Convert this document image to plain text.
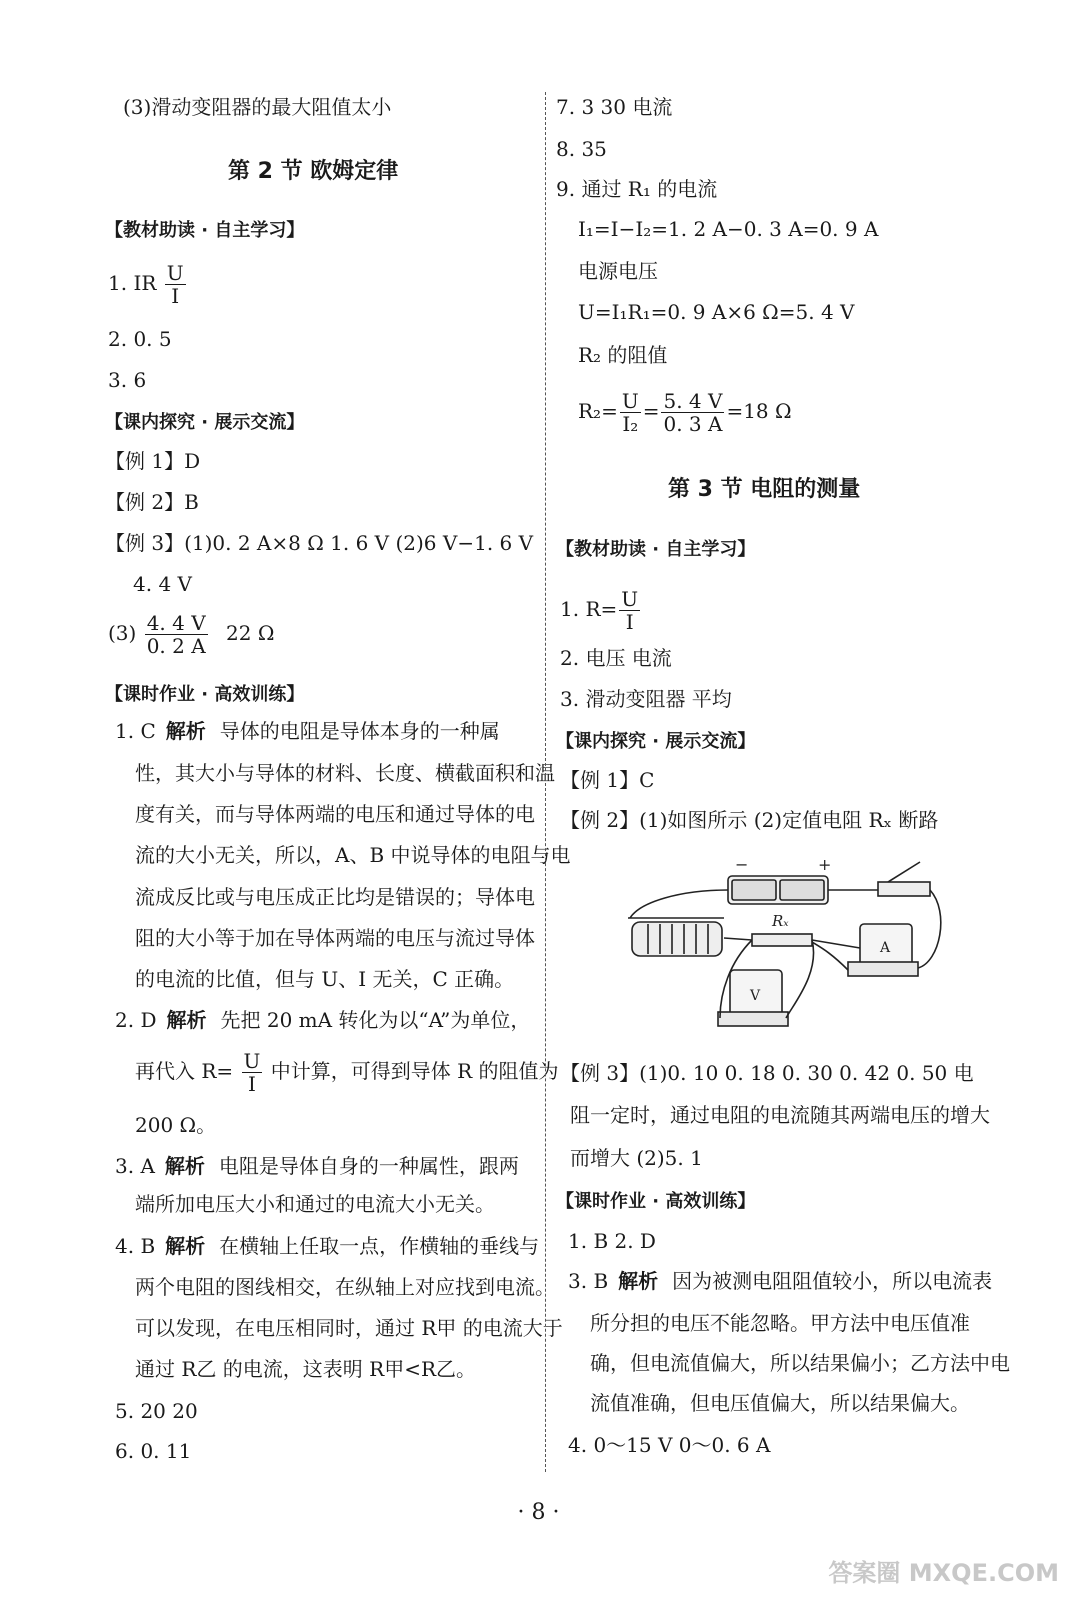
(3)滑动变阻器的最大阻值太小
第 2 节 欧姆定律
【教材助读 · 自主学习】
1. IR $\frac{U}{I}$
2. 0. 5
3. 6
【课内探究 · 展示交流】
【例 1】D
【例 2】B
【例 3】(1)0. 2 A×8 Ω 1. 6 V (2)6 V−1. 6 V
4. 4 V
$(3) \frac{4. 4 V}{0. 2 A} 22$ Ω
【课时作业 · 高效训练】
1. C 解析 导体的电阻是导体本身的一种属
性，其大小与导体的材料、长度、横截面积和温
度有关，而与导体两端的电压和通过导体的电
流的大小无关，所以，A、B 中说导体的电阻与电
流成反比或与电压成正比均是错误的；导体电
阻的大小等于加在导体两端的电压与流过导体
的电流的比值，但与 U、I 无关，C 正确。
2. D 解析 先把 20 mA 转化为以“A”为单位，
再代入 $R= \frac{U}{I}$ 中计算，可得到导体 R 的阻值为
200 Ω。
3. A 解析 电阻是导体自身的一种属性，跟两
端所加电压大小和通过的电流大小无关。
4. B 解析 在横轴上任取一点，作横轴的垂线与
两个电阻的图线相交，在纵轴上对应找到电流。
可以发现，在电压相同时，通过 R甲 的电流大于
通过 R乙 的电流，这表明 R甲<R乙。
5. 20 20
6. 0. 11
7. 3 30 电流
8. 35
9. 通过 R₁ 的电流
I₁=I−I₂=1. 2 A−0. 3 A=0. 9 A
电源电压
U=I₁R₁=0. 9 A×6 Ω=5. 4 V
R₂ 的阻值
$R_2= \frac{U}{\text{I₂}} = \frac{5. 4 V}{0. 3 A} =18$ Ω
第 3 节 电阻的测量
【教材助读 · 自主学习】
1. $R= \frac{U}{I}$
2. 电压 电流
3. 滑动变阻器 平均
【课内探究 · 展示交流】
【例 1】C
【例 2】(1)如图所示 (2)定值电阻 Rₓ 断路
−	+
Rₓ
A
V
【例 3】(1)0. 10 0. 18 0. 30 0. 42 0. 50 电
阻一定时，通过电阻的电流随其两端电压的增大
而增大 (2)5. 1
【课时作业 · 高效训练】
1. B 2. D
3. B 解析 因为被测电阻阻值较小，所以电流表
所分担的电压不能忽略。甲方法中电压值准
确，但电流值偏大，所以结果偏小；乙方法中电
流值准确，但电压值偏大，所以结果偏大。
4. 0～15 V 0～0. 6 A
· 8 ·
答案圈 MXQE.COM
